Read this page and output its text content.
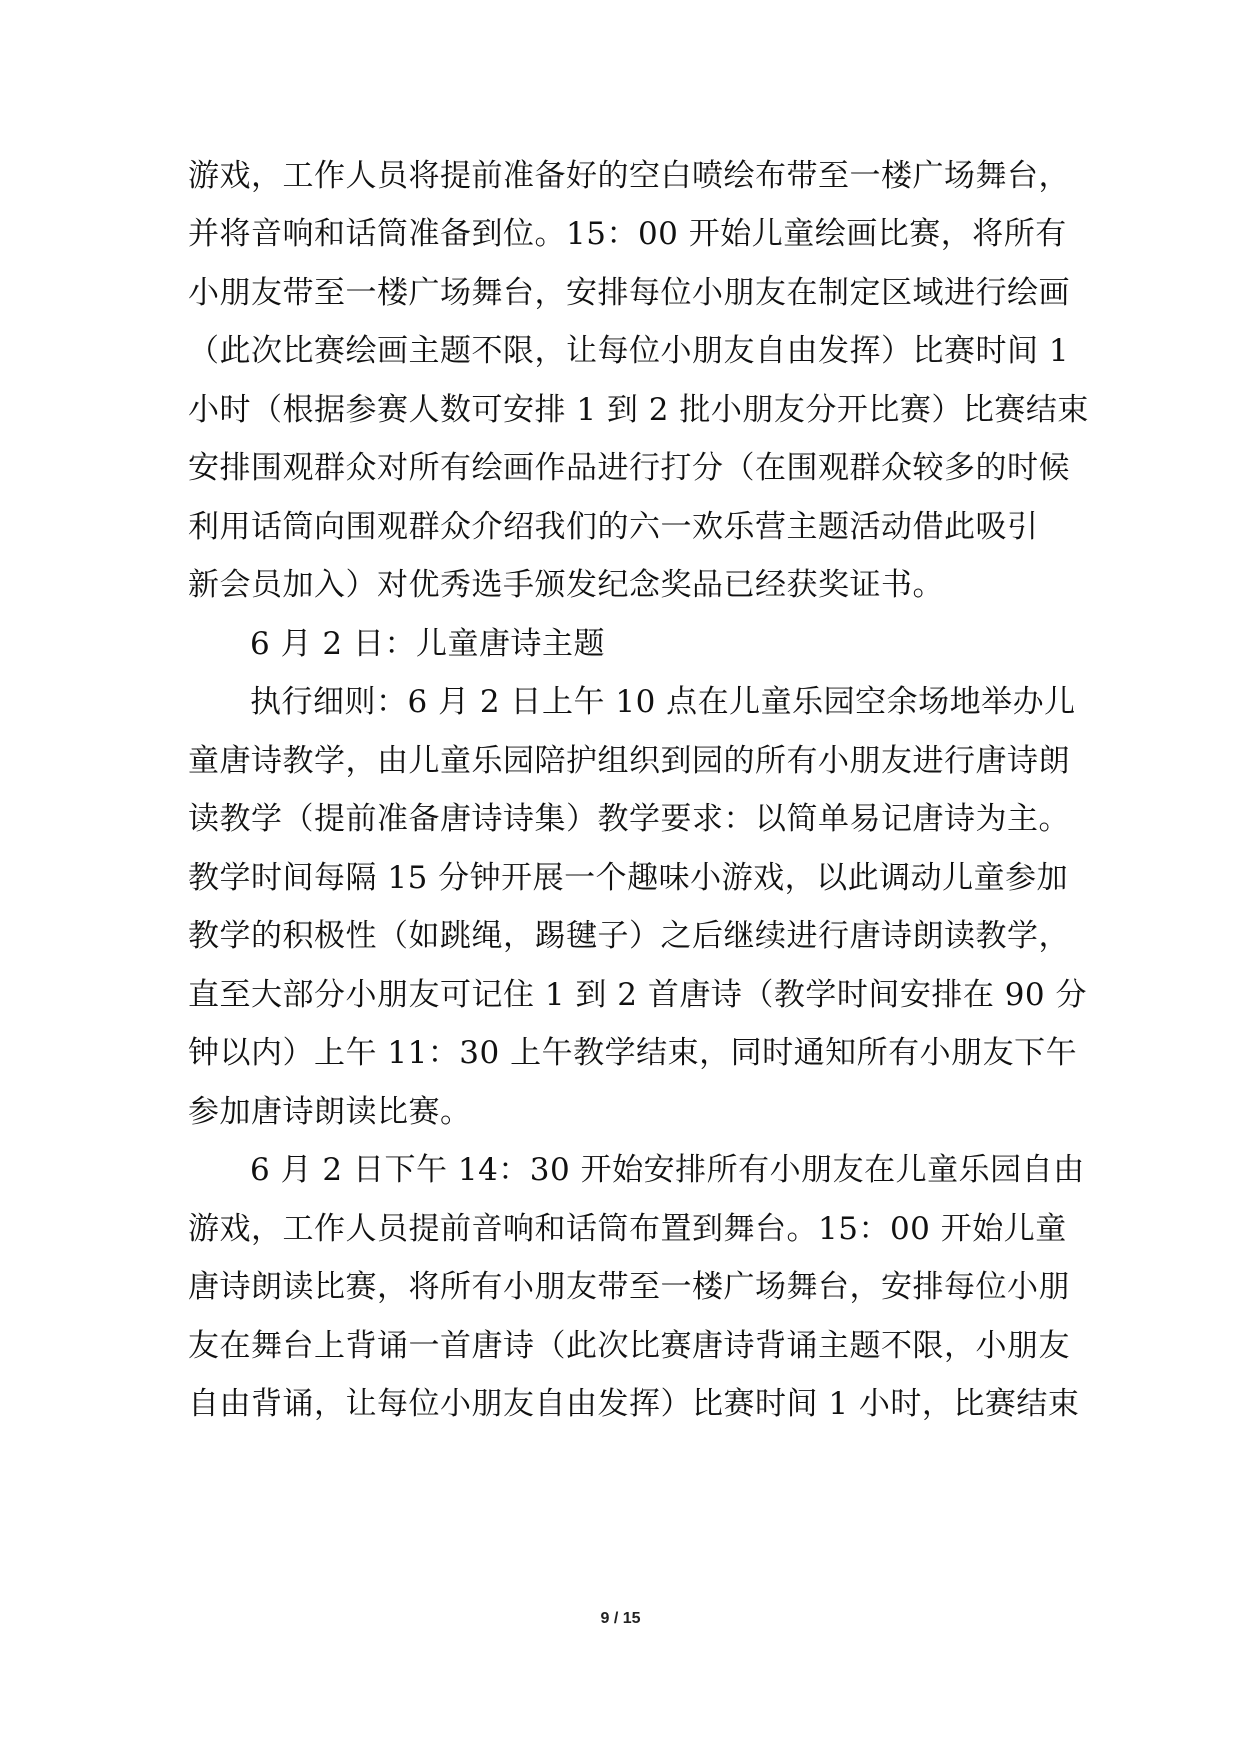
游戏，工作人员将提前准备好的空白喷绘布带至一楼广场舞台，
并将音响和话筒准备到位。15：00 开始儿童绘画比赛，将所有
小朋友带至一楼广场舞台，安排每位小朋友在制定区域进行绘画
（此次比赛绘画主题不限，让每位小朋友自由发挥）比赛时间 1
小时（根据参赛人数可安排 1 到 2 批小朋友分开比赛）比赛结束
安排围观群众对所有绘画作品进行打分（在围观群众较多的时候
利用话筒向围观群众介绍我们的六一欢乐营主题活动借此吸引
新会员加入）对优秀选手颁发纪念奖品已经获奖证书。
6 月 2 日：儿童唐诗主题
执行细则：6 月 2 日上午 10 点在儿童乐园空余场地举办儿
童唐诗教学，由儿童乐园陪护组织到园的所有小朋友进行唐诗朗
读教学（提前准备唐诗诗集）教学要求：以简单易记唐诗为主。
教学时间每隔 15 分钟开展一个趣味小游戏，以此调动儿童参加
教学的积极性（如跳绳，踢毽子）之后继续进行唐诗朗读教学，
直至大部分小朋友可记住 1 到 2 首唐诗（教学时间安排在 90 分
钟以内）上午 11：30 上午教学结束，同时通知所有小朋友下午
参加唐诗朗读比赛。
6 月 2 日下午 14：30 开始安排所有小朋友在儿童乐园自由
游戏，工作人员提前音响和话筒布置到舞台。15：00 开始儿童
唐诗朗读比赛，将所有小朋友带至一楼广场舞台，安排每位小朋
友在舞台上背诵一首唐诗（此次比赛唐诗背诵主题不限，小朋友
自由背诵，让每位小朋友自由发挥）比赛时间 1 小时，比赛结束
9 / 15
